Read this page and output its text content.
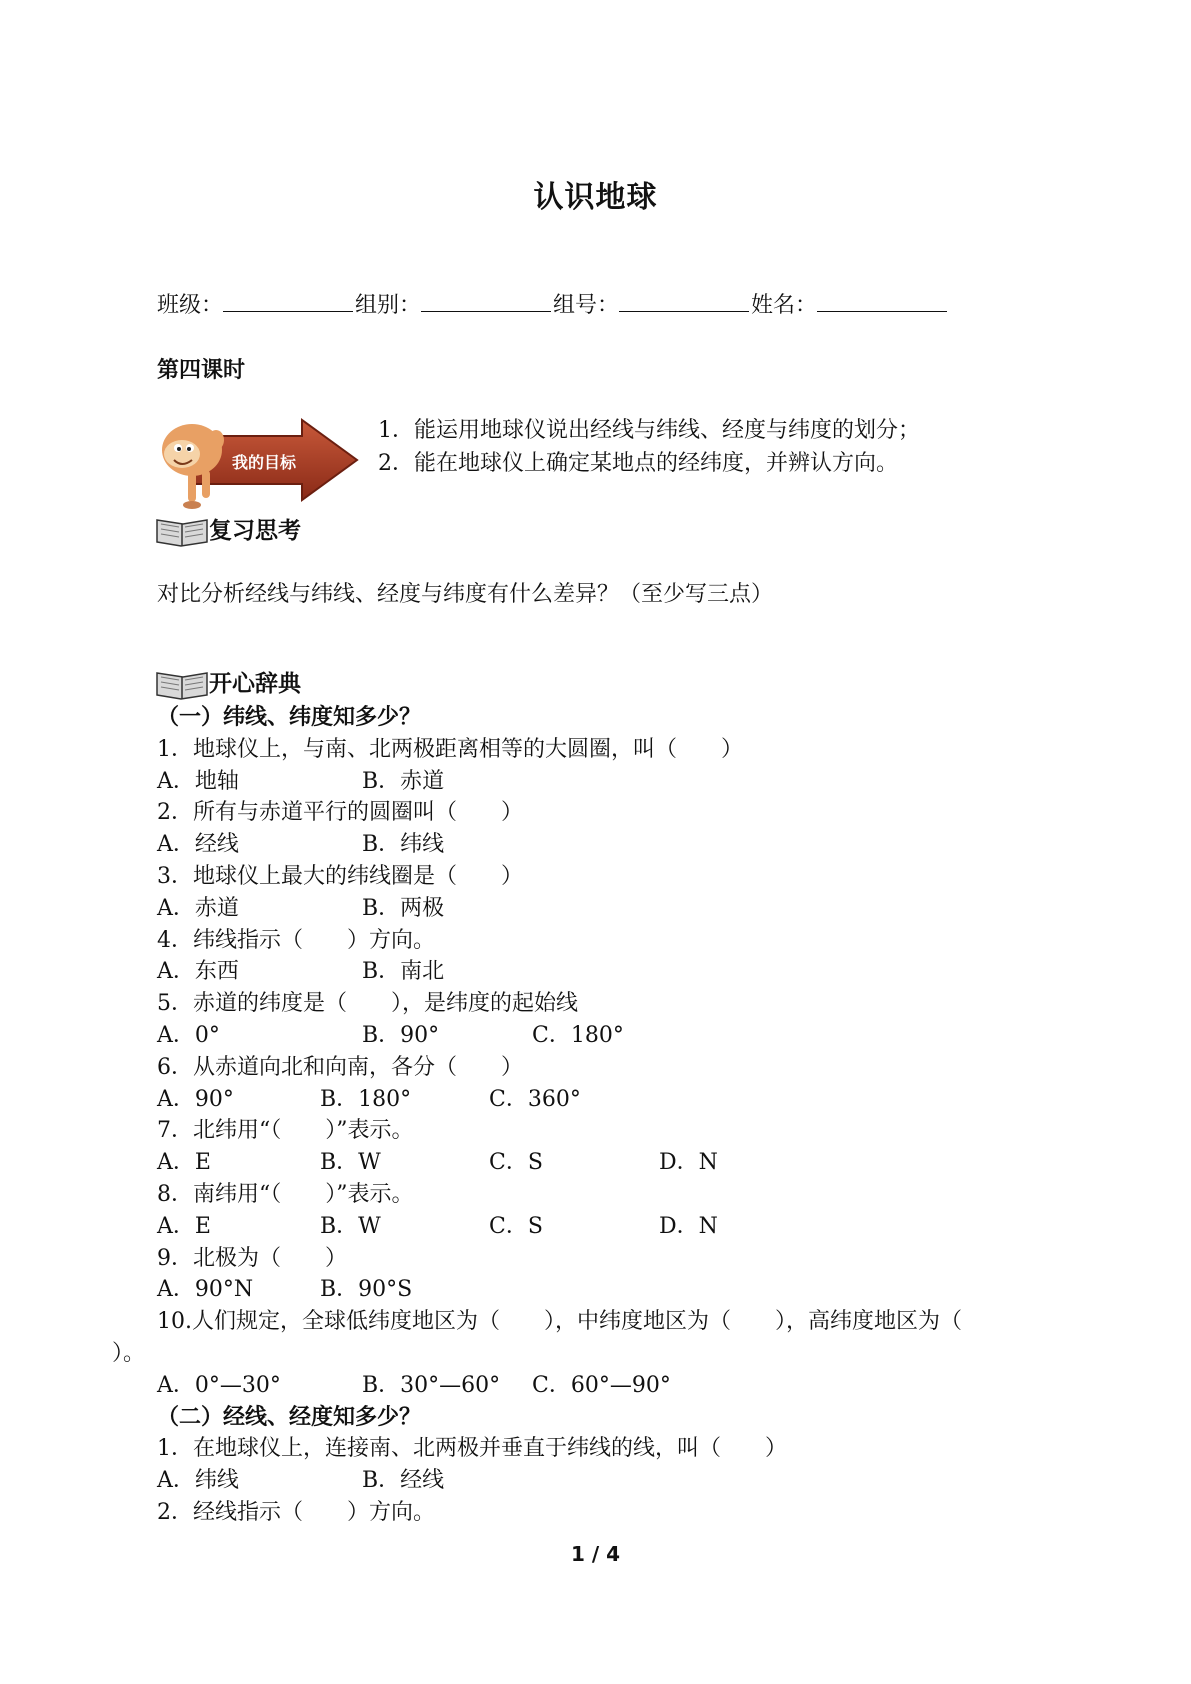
认识地球
班级：	组别：	组号：	姓名：
第四课时
我的目标
1．能运用地球仪说出经线与纬线、经度与纬度的划分；
2．能在地球仪上确定某地点的经纬度，并辨认方向。
复习思考
对比分析经线与纬线、经度与纬度有什么差异？（至少写三点）
开心辞典
（一）纬线、纬度知多少？
1．地球仪上，与南、北两极距离相等的大圆圈，叫（　　）
A．地轴	B．赤道
2．所有与赤道平行的圆圈叫（　　）
A．经线	B．纬线
3．地球仪上最大的纬线圈是（　　）
A．赤道	B．两极
4．纬线指示（　　）方向。
A．东西	B．南北
5．赤道的纬度是（　　），是纬度的起始线
A．0°	B．90°	C．180°
6．从赤道向北和向南，各分（　　）
A．90°	B．180°	C．360°
7．北纬用“（　　）”表示。
A．E	B．W	C．S	D．N
8．南纬用“（　　）”表示。
A．E	B．W	C．S	D．N
9．北极为（　　）
A．90°N	B．90°S
10.人们规定，全球低纬度地区为（　　），中纬度地区为（　　），高纬度地区为（
）。
A．0°—30°	B．30°—60° C．60°—90°
（二）经线、经度知多少？
1．在地球仪上，连接南、北两极并垂直于纬线的线，叫（　　）
A．纬线	B．经线
2．经线指示（　　）方向。
1 / 4
